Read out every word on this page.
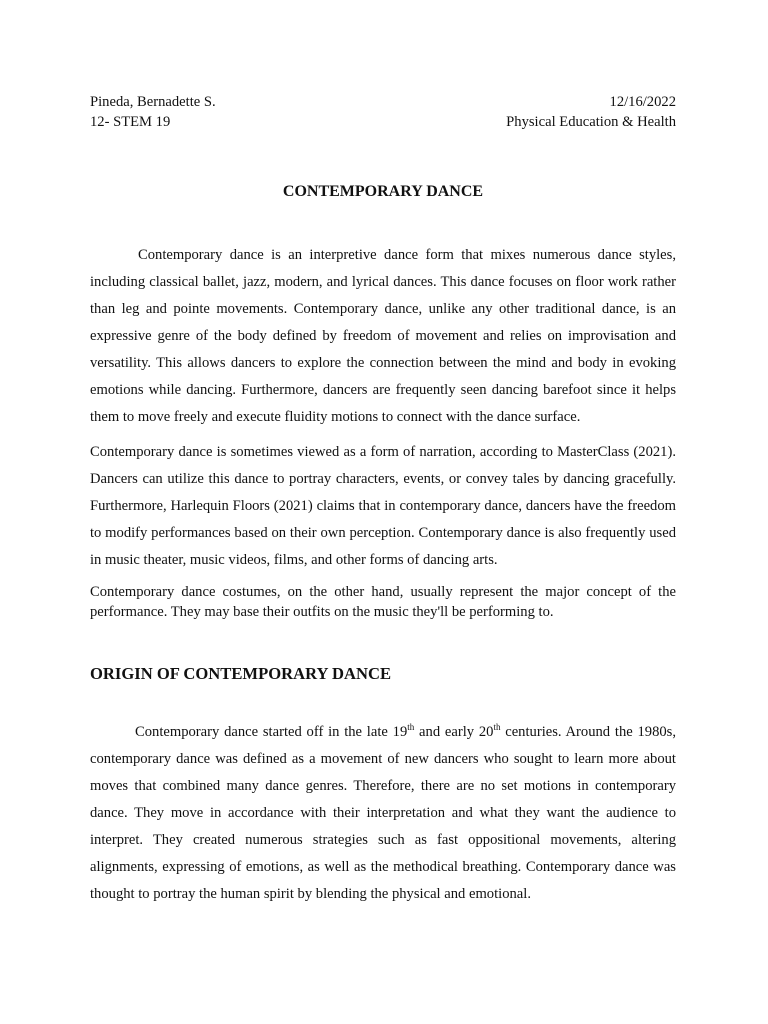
Pineda, Bernadette S.	12/16/2022
12- STEM 19	Physical Education & Health
CONTEMPORARY DANCE

Contemporary dance is an interpretive dance form that mixes numerous dance styles, including classical ballet, jazz, modern, and lyrical dances. This dance focuses on floor work rather than leg and pointe movements. Contemporary dance, unlike any other traditional dance, is an expressive genre of the body defined by freedom of movement and relies on improvisation and versatility. This allows dancers to explore the connection between the mind and body in evoking emotions while dancing. Furthermore, dancers are frequently seen dancing barefoot since it helps them to move freely and execute fluidity motions to connect with the dance surface.

Contemporary dance is sometimes viewed as a form of narration, according to MasterClass (2021). Dancers can utilize this dance to portray characters, events, or convey tales by dancing gracefully. Furthermore, Harlequin Floors (2021) claims that in contemporary dance, dancers have the freedom to modify performances based on their own perception. Contemporary dance is also frequently used in music theater, music videos, films, and other forms of dancing arts.

Contemporary dance costumes, on the other hand, usually represent the major concept of the performance. They may base their outfits on the music they'll be performing to.

ORIGIN OF CONTEMPORARY DANCE

Contemporary dance started off in the late 19th and early 20th centuries. Around the 1980s, contemporary dance was defined as a movement of new dancers who sought to learn more about moves that combined many dance genres. Therefore, there are no set motions in contemporary dance. They move in accordance with their interpretation and what they want the audience to interpret. They created numerous strategies such as fast oppositional movements, altering alignments, expressing of emotions, as well as the methodical breathing. Contemporary dance was thought to portray the human spirit by blending the physical and emotional.
